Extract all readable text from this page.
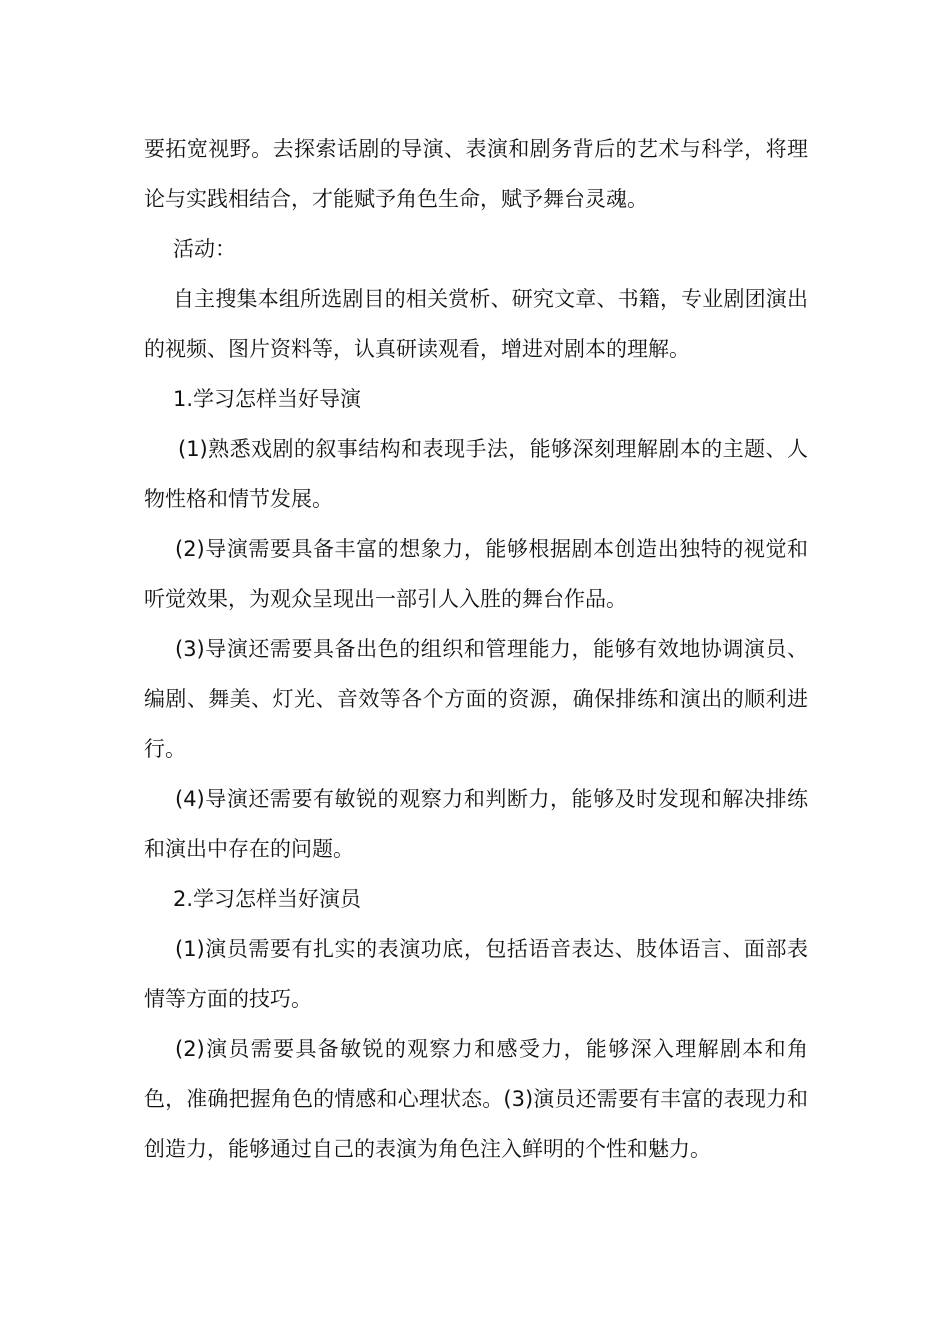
要拓宽视野。去探索话剧的导演、表演和剧务背后的艺术与科学，将理论与实践相结合，才能赋予角色生命，赋予舞台灵魂。

活动：

自主搜集本组所选剧目的相关赏析、研究文章、书籍，专业剧团演出的视频、图片资料等，认真研读观看，增进对剧本的理解。

1.学习怎样当好导演

(1)熟悉戏剧的叙事结构和表现手法，能够深刻理解剧本的主题、人物性格和情节发展。

(2)导演需要具备丰富的想象力，能够根据剧本创造出独特的视觉和听觉效果，为观众呈现出一部引人入胜的舞台作品。

(3)导演还需要具备出色的组织和管理能力，能够有效地协调演员、编剧、舞美、灯光、音效等各个方面的资源，确保排练和演出的顺利进行。

(4)导演还需要有敏锐的观察力和判断力，能够及时发现和解决排练和演出中存在的问题。

2.学习怎样当好演员

(1)演员需要有扎实的表演功底，包括语音表达、肢体语言、面部表情等方面的技巧。

(2)演员需要具备敏锐的观察力和感受力，能够深入理解剧本和角色，准确把握角色的情感和心理状态。(3)演员还需要有丰富的表现力和创造力，能够通过自己的表演为角色注入鲜明的个性和魅力。
